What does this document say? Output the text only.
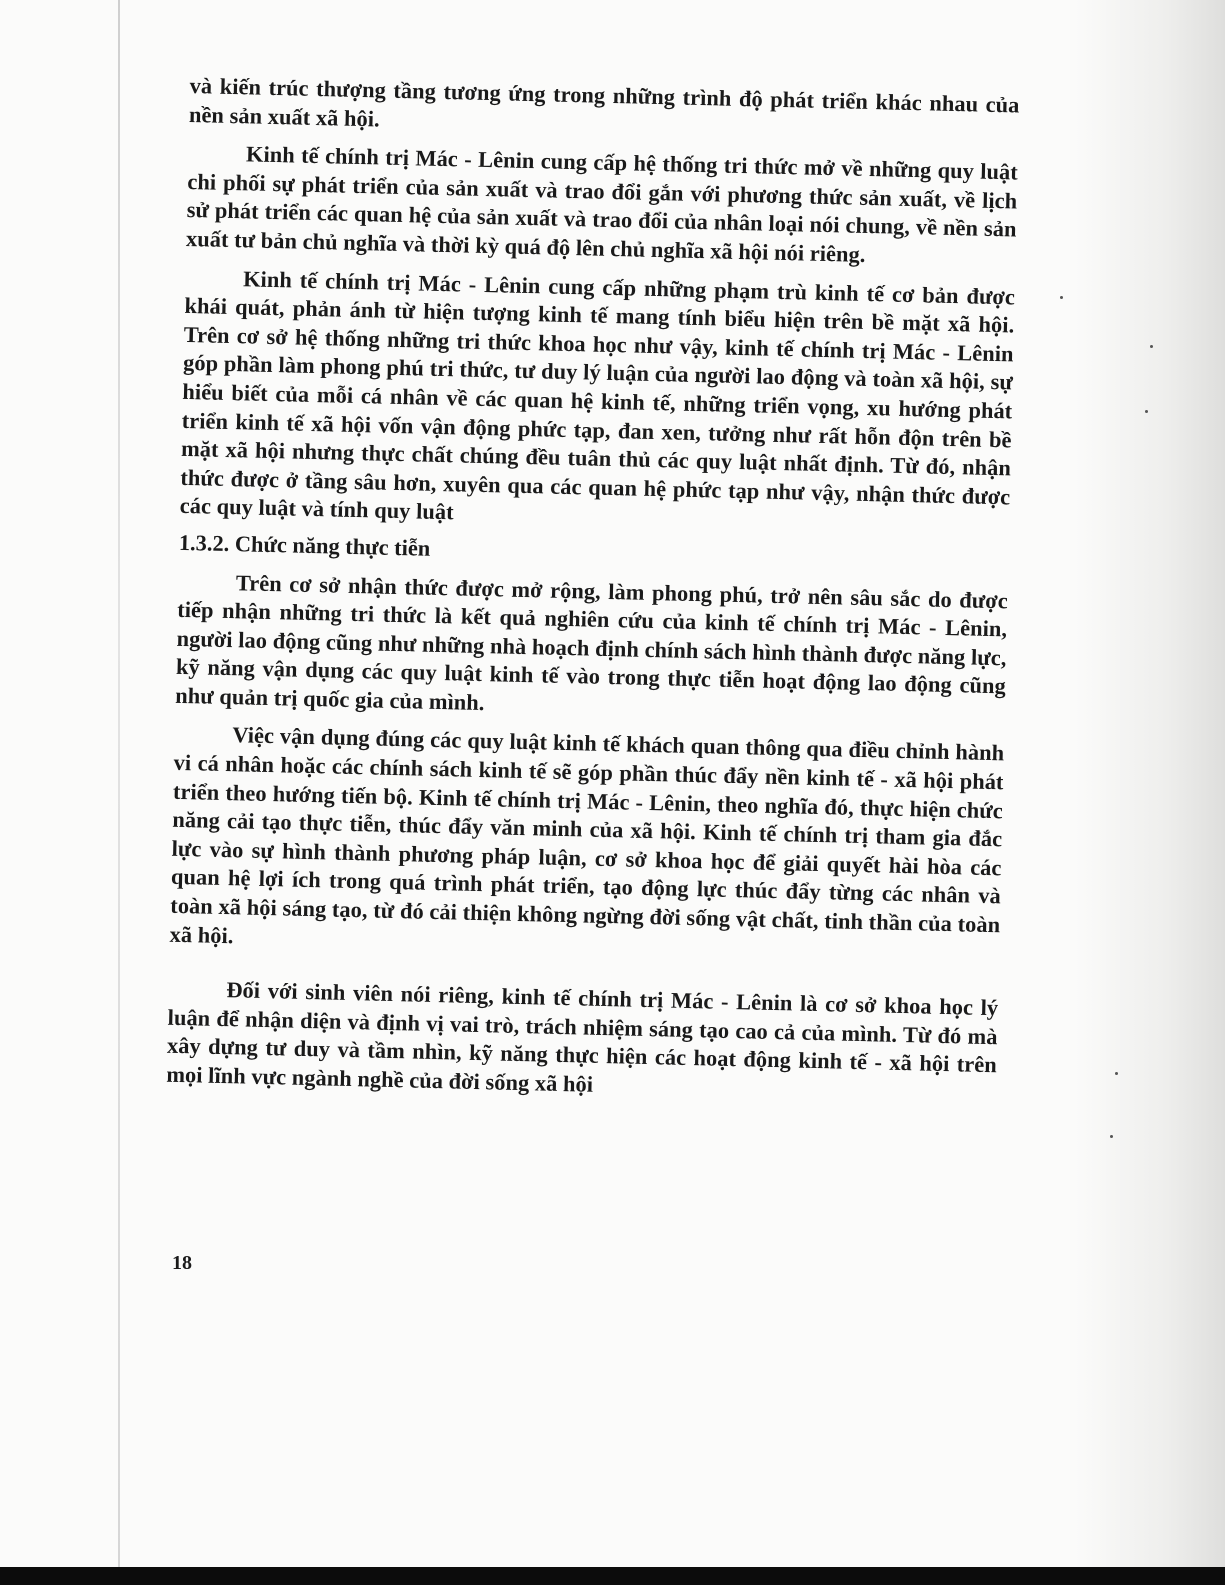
và kiến trúc thượng tầng tương ứng trong những trình độ phát triển khác nhau của nền sản xuất xã hội.

Kinh tế chính trị Mác - Lênin cung cấp hệ thống tri thức mở về những quy luật chi phối sự phát triển của sản xuất và trao đổi gắn với phương thức sản xuất, về lịch sử phát triển các quan hệ của sản xuất và trao đổi của nhân loại nói chung, về nền sản xuất tư bản chủ nghĩa và thời kỳ quá độ lên chủ nghĩa xã hội nói riêng.

Kinh tế chính trị Mác - Lênin cung cấp những phạm trù kinh tế cơ bản được khái quát, phản ánh từ hiện tượng kinh tế mang tính biểu hiện trên bề mặt xã hội. Trên cơ sở hệ thống những tri thức khoa học như vậy, kinh tế chính trị Mác - Lênin góp phần làm phong phú tri thức, tư duy lý luận của người lao động và toàn xã hội, sự hiểu biết của mỗi cá nhân về các quan hệ kinh tế, những triển vọng, xu hướng phát triển kinh tế xã hội vốn vận động phức tạp, đan xen, tưởng như rất hỗn độn trên bề mặt xã hội nhưng thực chất chúng đều tuân thủ các quy luật nhất định. Từ đó, nhận thức được ở tầng sâu hơn, xuyên qua các quan hệ phức tạp như vậy, nhận thức được các quy luật và tính quy luật

1.3.2. Chức năng thực tiễn

Trên cơ sở nhận thức được mở rộng, làm phong phú, trở nên sâu sắc do được tiếp nhận những tri thức là kết quả nghiên cứu của kinh tế chính trị Mác - Lênin, người lao động cũng như những nhà hoạch định chính sách hình thành được năng lực, kỹ năng vận dụng các quy luật kinh tế vào trong thực tiễn hoạt động lao động cũng như quản trị quốc gia của mình.

Việc vận dụng đúng các quy luật kinh tế khách quan thông qua điều chỉnh hành vi cá nhân hoặc các chính sách kinh tế sẽ góp phần thúc đẩy nền kinh tế - xã hội phát triển theo hướng tiến bộ. Kinh tế chính trị Mác - Lênin, theo nghĩa đó, thực hiện chức năng cải tạo thực tiễn, thúc đẩy văn minh của xã hội. Kinh tế chính trị tham gia đắc lực vào sự hình thành phương pháp luận, cơ sở khoa học để giải quyết hài hòa các quan hệ lợi ích trong quá trình phát triển, tạo động lực thúc đẩy từng các nhân và toàn xã hội sáng tạo, từ đó cải thiện không ngừng đời sống vật chất, tinh thần của toàn xã hội.

Đối với sinh viên nói riêng, kinh tế chính trị Mác - Lênin là cơ sở khoa học lý luận để nhận diện và định vị vai trò, trách nhiệm sáng tạo cao cả của mình. Từ đó mà xây dựng tư duy và tầm nhìn, kỹ năng thực hiện các hoạt động kinh tế - xã hội trên mọi lĩnh vực ngành nghề của đời sống xã hội

18
